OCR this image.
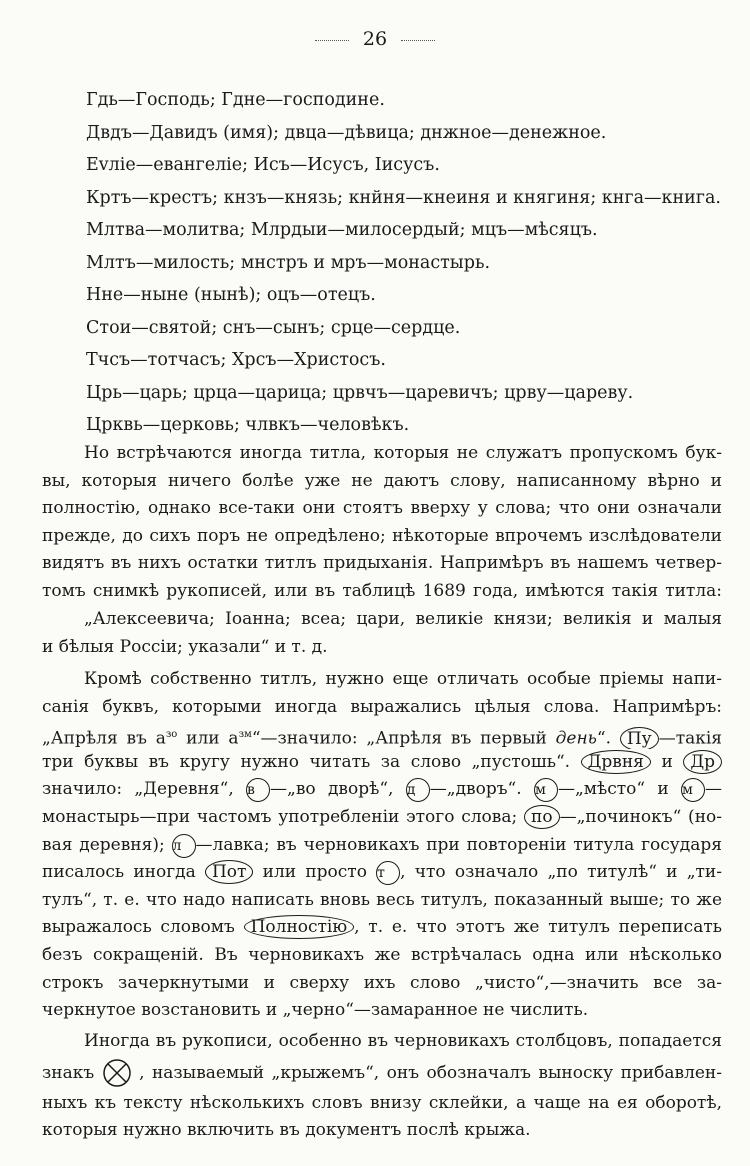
26
Гдь—Господь; Гдне—господине.
Двдъ—Давидъ (имя); двца—дѣвица; днжное—денежное.
Еvліе—евангеліе; Исъ—Исусъ, Іисусъ.
Кртъ—крестъ; кнзъ—князь; кнйня—кнеиня и княгиня; кнга—книга.
Млтва—молитва; Млрдыи—милосердый; мцъ—мѣсяцъ.
Млтъ—милость; мнстръ и мръ—монастырь.
Нне—ныне (нынѣ); оцъ—отецъ.
Стои—святой; снъ—сынъ; срце—сердце.
Тчсъ—тотчасъ; Хрсъ—Христосъ.
Црь—царь; црца—царица; црвчъ—царевичъ; црву—цареву.
Црквь—церковь; члвкъ—человѣкъ.
Но встрѣчаются иногда титла, которыя не служатъ пропускомъ бук-
вы, которыя ничего болѣе уже не даютъ слову, написанному вѣрно и
полностію, однако все-таки они стоятъ вверху у слова; что они означали
прежде, до сихъ поръ не опредѣлено; нѣкоторые впрочемъ изслѣдователи
видятъ въ нихъ остатки титлъ придыханія. Напримѣръ въ нашемъ четвер-
томъ снимкѣ рукописей, или въ таблицѣ 1689 года, имѣются такія титла:
„Алексеевича; Іоанна; всеа; цари, великіе князи; великія и малыя
и бѣлыя Россіи; указали“ и т. д.
Кромѣ собственно титлъ, нужно еще отличать особые пріемы напи-
санія буквъ, которыми иногда выражались цѣлыя слова. Напримѣръ:
„Апрѣля въ $а^{зо}$ или $а^{зм}“—значило$: „Апрѣля въ первый день“. Пу —такія
три буквы въ кругу нужно читать за слово „пустошь“. Дрвня и Др
значило: „Деревня“, в —„во дворѣ“, д —„дворъ“. м —„мѣсто“ и м —
монастырь—при частомъ употребленіи этого слова; по —„починокъ“ (но-
вая деревня); л —лавка; въ черновикахъ при повтореніи титула государя
писалось иногда Пот или просто т , что означало „по титулѣ“ и „ти-
тулъ“, т. е. что надо написать вновь весь титулъ, показанный выше; то же
выражалось словомъ Полностію , т. е. что этотъ же титулъ переписать
безъ сокращеній. Въ черновикахъ же встрѣчалась одна или нѣсколько
строкъ зачеркнутыми и сверху ихъ слово „чисто“,—значить все за-
черкнутое возстановить и „черно“—замаранное не числить.
Иногда въ рукописи, особенно въ черновикахъ столбцовъ, попадается
знакъ	, называемый „крыжемъ“, онъ обозначалъ выноску прибавлен-
ныхъ къ тексту нѣсколькихъ словъ внизу склейки, а чаще на ея оборотѣ,
которыя нужно включить въ документъ послѣ крыжа.
